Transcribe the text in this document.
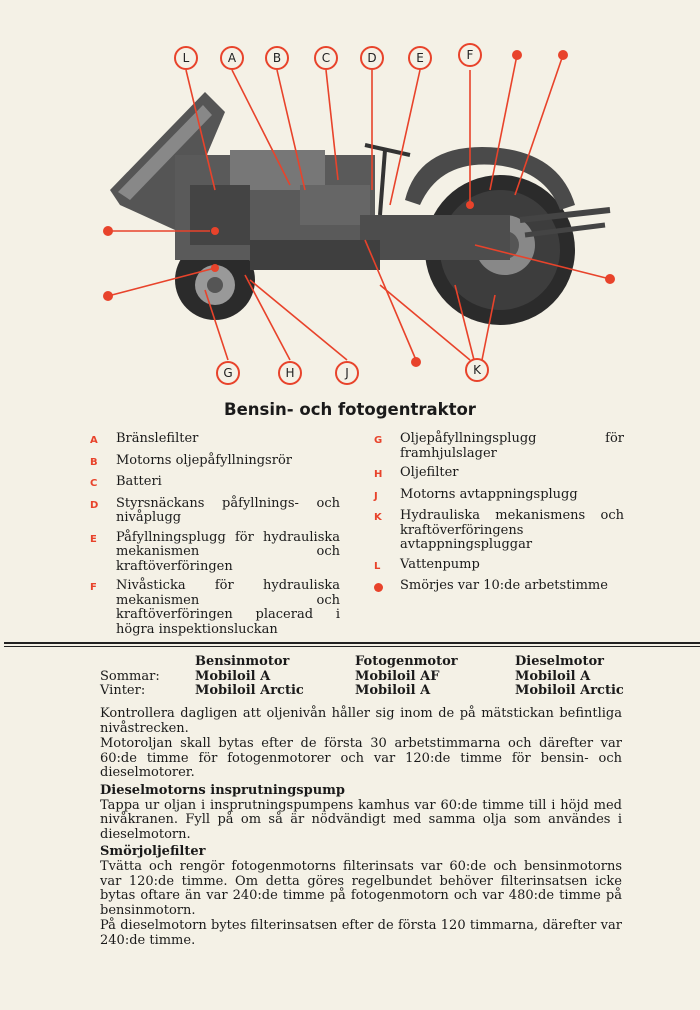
L	A	B	C	D	E	F
G	H	J	K
Bensin- och fotogentraktor
A	Bränslefilter
B	Motorns oljepåfyllningsrör
C	Batteri
D	Styrsnäckans påfyllnings- och nivåplugg
E	Påfyllningsplugg för hydrauliska mekanismen och kraftöverföringen
F	Nivåsticka för hydrauliska mekanismen och kraftöverföringen placerad i högra inspektionsluckan
G	Oljepåfyllningsplugg för framhjulslager
H	Oljefilter
J	Motorns avtappningsplugg
K	Hydrauliska mekanismens och kraftöverföringens avtappningspluggar
L	Vattenpump
Smörjes var 10:de arbetstimme
	Bensinmotor	Fotogenmotor	Dieselmotor
Sommar:	Mobiloil A	Mobiloil AF	Mobiloil A
Vinter:	Mobiloil Arctic	Mobiloil A	Mobiloil Arctic

Kontrollera dagligen att oljenivån håller sig inom de på mätstickan befintliga nivåstrecken.

Motoroljan skall bytas efter de första 30 arbetstimmarna och därefter var 60:de timme för fotogenmotorer och var 120:de timme för bensin- och dieselmotorer.

Dieselmotorns insprutningspump

Tappa ur oljan i insprutningspumpens kamhus var 60:de timme till i höjd med nivåkranen. Fyll på om så är nödvändigt med samma olja som användes i dieselmotorn.

Smörjoljefilter

Tvätta och rengör fotogenmotorns filterinsats var 60:de och bensinmotorns var 120:de timme. Om detta göres regelbundet behöver filterinsatsen icke bytas oftare än var 240:de timme på fotogenmotorn och var 480:de timme på bensinmotorn.

På dieselmotorn bytes filterinsatsen efter de första 120 timmarna, därefter var 240:de timme.
